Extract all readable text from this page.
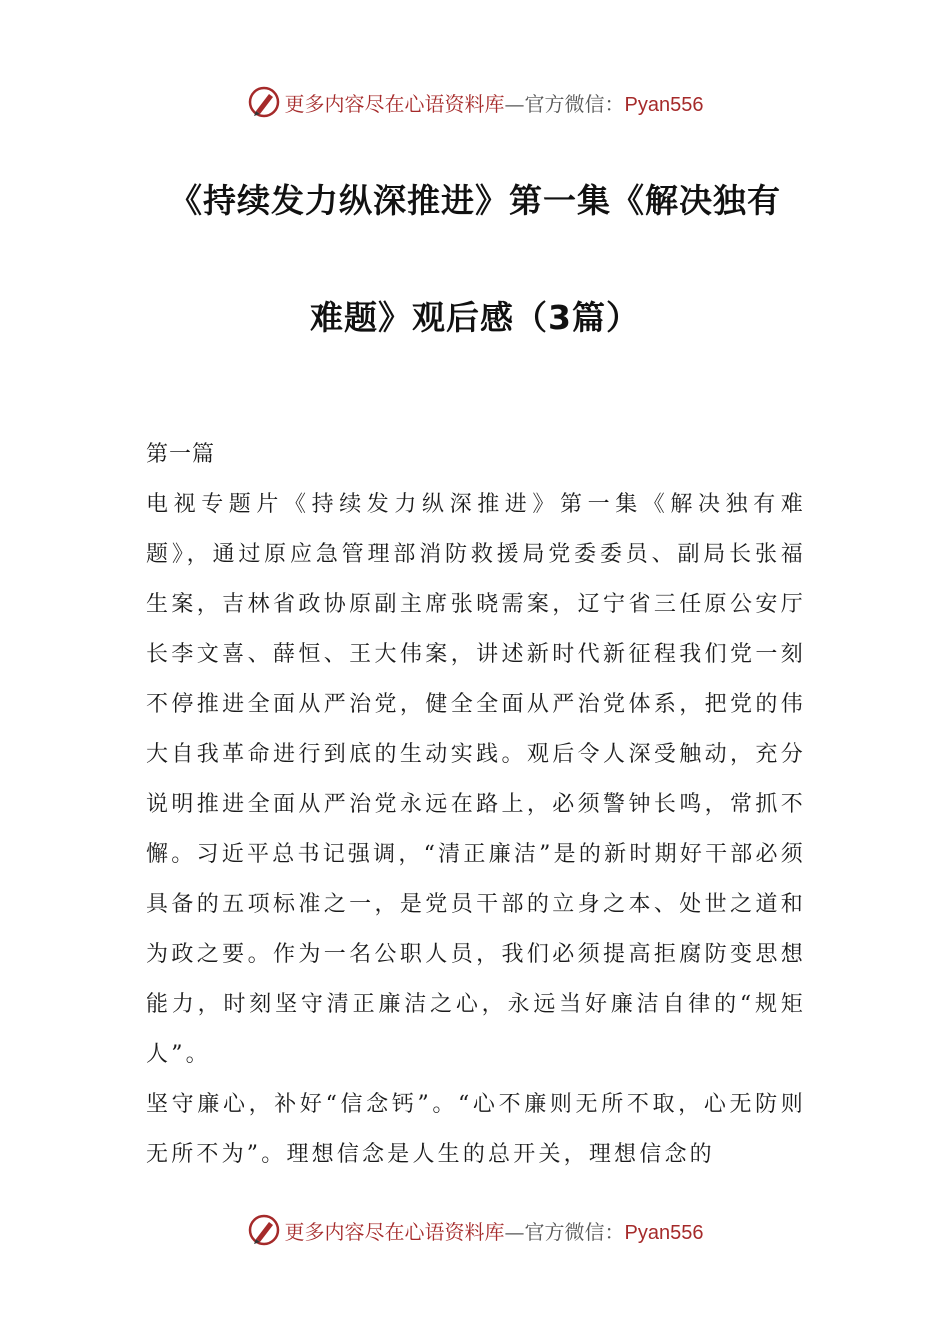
更多内容尽在心语资料库—官方微信：Pyan556
《持续发力纵深推进》第一集《解决独有
难题》观后感（3篇）
第一篇

电视专题片《持续发力纵深推进》第一集《解决独有难题》，通过原应急管理部消防救援局党委委员、副局长张福生案，吉林省政协原副主席张晓需案，辽宁省三任原公安厅长李文喜、薛恒、王大伟案，讲述新时代新征程我们党一刻不停推进全面从严治党，健全全面从严治党体系，把党的伟大自我革命进行到底的生动实践。观后令人深受触动，充分说明推进全面从严治党永远在路上，必须警钟长鸣，常抓不懈。习近平总书记强调，“清正廉洁”是的新时期好干部必须具备的五项标准之一，是党员干部的立身之本、处世之道和为政之要。作为一名公职人员，我们必须提高拒腐防变思想能力，时刻坚守清正廉洁之心，永远当好廉洁自律的“规矩人”。

坚守廉心，补好“信念钙”。“心不廉则无所不取，心无防则无所不为”。理想信念是人生的总开关，理想信念的

更多内容尽在心语资料库—官方微信：Pyan556
